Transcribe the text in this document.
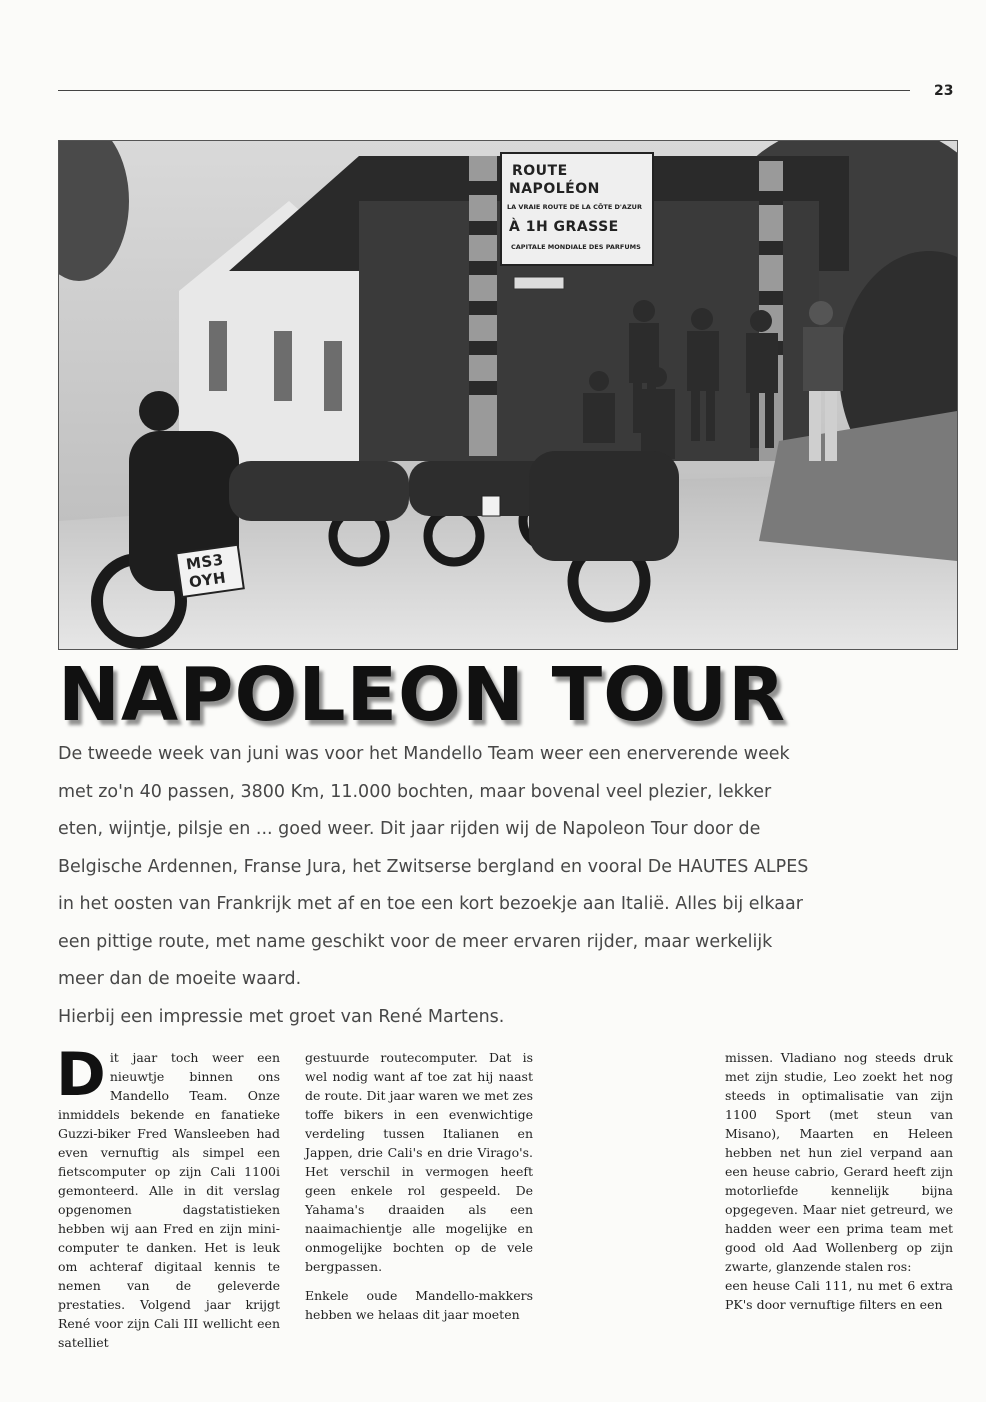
23
ROUTE
NAPOLÉON
LA VRAIE ROUTE DE LA CÔTE D'AZUR
À 1H GRASSE
CAPITALE MONDIALE DES PARFUMS
MS3
OYH
NAPOLEON TOUR

De tweede week van juni was voor het Mandello Team weer een enerverende week met zo'n 40 passen, 3800 Km, 11.000 bochten, maar bovenal veel plezier, lekker eten, wijntje, pilsje en ... goed weer. Dit jaar rijden wij de Napoleon Tour door de Belgische Ardennen, Franse Jura, het Zwitserse bergland en vooral De HAUTES ALPES in het oosten van Frankrijk met af en toe een kort bezoekje aan Italië. Alles bij elkaar een pittige route, met name geschikt voor de meer ervaren rijder, maar werkelijk meer dan de moeite waard.
Hierbij een impressie met groet van René Martens.

D it jaar toch weer een nieuwtje binnen ons Mandello Team. Onze inmiddels bekende en fanatieke Guzzi-biker Fred Wansleeben had even vernuftig als simpel een fietscomputer op zijn Cali 1100i gemonteerd. Alle in dit verslag opgenomen dagstatistieken hebben wij aan Fred en zijn mini-computer te danken. Het is leuk om achteraf digitaal kennis te nemen van de geleverde prestaties. Volgend jaar krijgt René voor zijn Cali III wellicht een satelliet

gestuurde routecomputer. Dat is wel nodig want af toe zat hij naast de route. Dit jaar waren we met zes toffe bikers in een evenwichtige verdeling tussen Italianen en Jappen, drie Cali's en drie Virago's. Het verschil in vermogen heeft geen enkele rol gespeeld. De Yahama's draaiden als een naaimachientje alle mogelijke en onmogelijke bochten op de vele bergpassen.

Enkele oude Mandello-makkers hebben we helaas dit jaar moeten

missen. Vladiano nog steeds druk met zijn studie, Leo zoekt het nog steeds in optimalisatie van zijn 1100 Sport (met steun van Misano), Maarten en Heleen hebben net hun ziel verpand aan een heuse cabrio, Gerard heeft zijn motorliefde kennelijk bijna opgegeven. Maar niet getreurd, we hadden weer een prima team met good old Aad Wollenberg op zijn zwarte, glanzende stalen ros:

een heuse Cali 111, nu met 6 extra PK's door vernuftige filters en een
